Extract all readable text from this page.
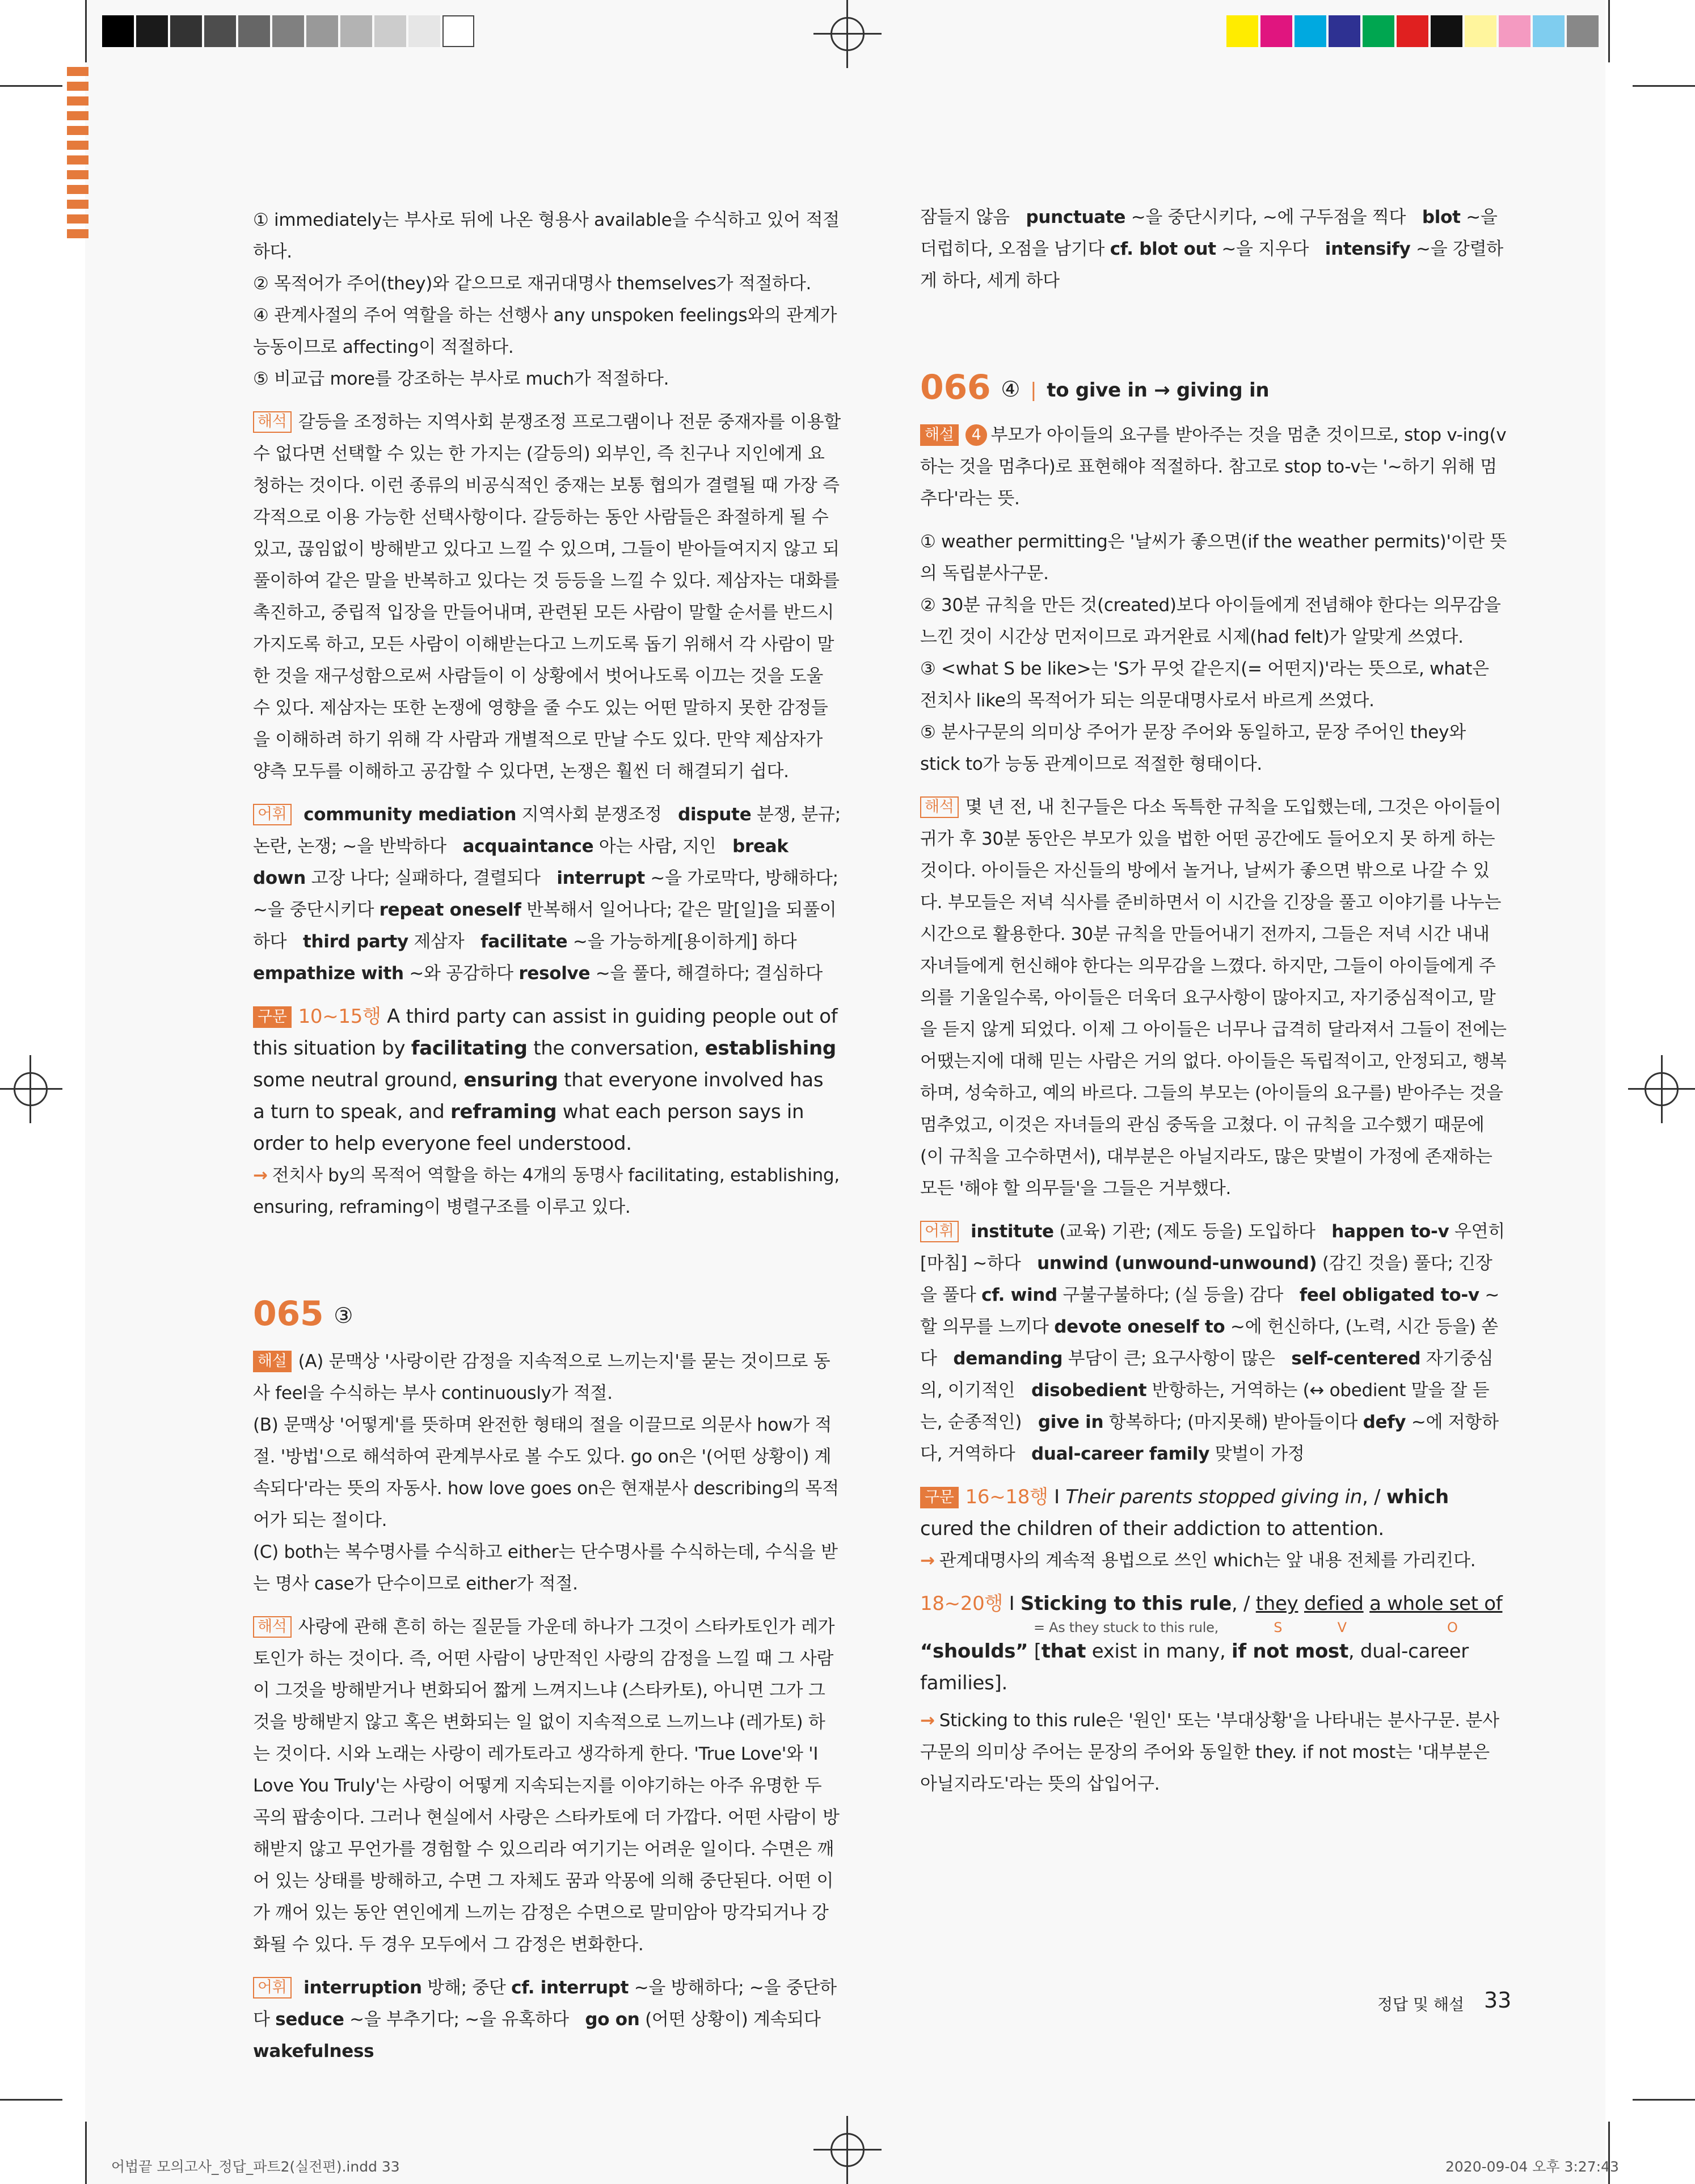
① immediately는 부사로 뒤에 나온 형용사 available을 수식하고 있어 적절하다.

② 목적어가 주어(they)와 같으므로 재귀대명사 themselves가 적절하다.

④ 관계사절의 주어 역할을 하는 선행사 any unspoken feelings와의 관계가 능동이므로 affecting이 적절하다.

⑤ 비교급 more를 강조하는 부사로 much가 적절하다.

해석 갈등을 조정하는 지역사회 분쟁조정 프로그램이나 전문 중재자를 이용할 수 없다면 선택할 수 있는 한 가지는 (갈등의) 외부인, 즉 친구나 지인에게 요청하는 것이다. 이런 종류의 비공식적인 중재는 보통 협의가 결렬될 때 가장 즉각적으로 이용 가능한 선택사항이다. 갈등하는 동안 사람들은 좌절하게 될 수 있고, 끊임없이 방해받고 있다고 느낄 수 있으며, 그들이 받아들여지지 않고 되풀이하여 같은 말을 반복하고 있다는 것 등등을 느낄 수 있다. 제삼자는 대화를 촉진하고, 중립적 입장을 만들어내며, 관련된 모든 사람이 말할 순서를 반드시 가지도록 하고, 모든 사람이 이해받는다고 느끼도록 돕기 위해서 각 사람이 말한 것을 재구성함으로써 사람들이 이 상황에서 벗어나도록 이끄는 것을 도울 수 있다. 제삼자는 또한 논쟁에 영향을 줄 수도 있는 어떤 말하지 못한 감정들을 이해하려 하기 위해 각 사람과 개별적으로 만날 수도 있다. 만약 제삼자가 양측 모두를 이해하고 공감할 수 있다면, 논쟁은 훨씬 더 해결되기 쉽다.

어휘 community mediation 지역사회 분쟁조정 dispute 분쟁, 분규; 논란, 논쟁; ~을 반박하다 acquaintance 아는 사람, 지인 break down 고장 나다; 실패하다, 결렬되다 interrupt ~을 가로막다, 방해하다; ~을 중단시키다 repeat oneself 반복해서 일어나다; 같은 말[일]을 되풀이하다 third party 제삼자 facilitate ~을 가능하게[용이하게] 하다   empathize with ~와 공감하다 resolve ~을 풀다, 해결하다; 결심하다

구문 10~15행 A third party can assist in guiding people out of this situation by facilitating the conversation, establishing some neutral ground, ensuring that everyone involved has a turn to speak, and reframing what each person says in order to help everyone feel understood.

→ 전치사 by의 목적어 역할을 하는 4개의 동명사 facilitating, establishing, ensuring, reframing이 병렬구조를 이루고 있다.

065 ③

해설 (A) 문맥상 '사랑이란 감정을 지속적으로 느끼는지'를 묻는 것이므로 동사 feel을 수식하는 부사 continuously가 적절.

(B) 문맥상 '어떻게'를 뜻하며 완전한 형태의 절을 이끌므로 의문사 how가 적절. '방법'으로 해석하여 관계부사로 볼 수도 있다. go on은 '(어떤 상황이) 계속되다'라는 뜻의 자동사. how love goes on은 현재분사 describing의 목적어가 되는 절이다.

(C) both는 복수명사를 수식하고 either는 단수명사를 수식하는데, 수식을 받는 명사 case가 단수이므로 either가 적절.

해석 사랑에 관해 흔히 하는 질문들 가운데 하나가 그것이 스타카토인가 레가토인가 하는 것이다. 즉, 어떤 사람이 낭만적인 사랑의 감정을 느낄 때 그 사람이 그것을 방해받거나 변화되어 짧게 느껴지느냐 (스타카토), 아니면 그가 그것을 방해받지 않고 혹은 변화되는 일 없이 지속적으로 느끼느냐 (레가토) 하는 것이다. 시와 노래는 사랑이 레가토라고 생각하게 한다. 'True Love'와 'I Love You Truly'는 사랑이 어떻게 지속되는지를 이야기하는 아주 유명한 두 곡의 팝송이다. 그러나 현실에서 사랑은 스타카토에 더 가깝다. 어떤 사람이 방해받지 않고 무언가를 경험할 수 있으리라 여기기는 어려운 일이다. 수면은 깨어 있는 상태를 방해하고, 수면 그 자체도 꿈과 악몽에 의해 중단된다. 어떤 이가 깨어 있는 동안 연인에게 느끼는 감정은 수면으로 말미암아 망각되거나 강화될 수 있다. 두 경우 모두에서 그 감정은 변화한다.

어휘 interruption 방해; 중단 cf. interrupt ~을 방해하다; ~을 중단하다 seduce ~을 부추기다; ~을 유혹하다 go on (어떤 상황이) 계속되다   wakefulness

잠들지 않음 punctuate ~을 중단시키다, ~에 구두점을 찍다 blot ~을 더럽히다, 오점을 남기다 cf. blot out ~을 지우다 intensify ~을 강렬하게 하다, 세게 하다

066 ④ | to give in → giving in

해설 4 부모가 아이들의 요구를 받아주는 것을 멈춘 것이므로, stop v-ing(v하는 것을 멈추다)로 표현해야 적절하다. 참고로 stop to-v는 '~하기 위해 멈추다'라는 뜻.

① weather permitting은 '날씨가 좋으면(if the weather permits)'이란 뜻의 독립분사구문.

② 30분 규칙을 만든 것(created)보다 아이들에게 전념해야 한다는 의무감을 느낀 것이 시간상 먼저이므로 과거완료 시제(had felt)가 알맞게 쓰였다.

③ <what S be like>는 'S가 무엇 같은지(= 어떤지)'라는 뜻으로, what은 전치사 like의 목적어가 되는 의문대명사로서 바르게 쓰였다.

⑤ 분사구문의 의미상 주어가 문장 주어와 동일하고, 문장 주어인 they와 stick to가 능동 관계이므로 적절한 형태이다.

해석 몇 년 전, 내 친구들은 다소 독특한 규칙을 도입했는데, 그것은 아이들이 귀가 후 30분 동안은 부모가 있을 법한 어떤 공간에도 들어오지 못 하게 하는 것이다. 아이들은 자신들의 방에서 놀거나, 날씨가 좋으면 밖으로 나갈 수 있다. 부모들은 저녁 식사를 준비하면서 이 시간을 긴장을 풀고 이야기를 나누는 시간으로 활용한다. 30분 규칙을 만들어내기 전까지, 그들은 저녁 시간 내내 자녀들에게 헌신해야 한다는 의무감을 느꼈다. 하지만, 그들이 아이들에게 주의를 기울일수록, 아이들은 더욱더 요구사항이 많아지고, 자기중심적이고, 말을 듣지 않게 되었다. 이제 그 아이들은 너무나 급격히 달라져서 그들이 전에는 어땠는지에 대해 믿는 사람은 거의 없다. 아이들은 독립적이고, 안정되고, 행복하며, 성숙하고, 예의 바르다. 그들의 부모는 (아이들의 요구를) 받아주는 것을 멈추었고, 이것은 자녀들의 관심 중독을 고쳤다. 이 규칙을 고수했기 때문에 (이 규칙을 고수하면서), 대부분은 아닐지라도, 많은 맞벌이 가정에 존재하는 모든 '해야 할 의무들'을 그들은 거부했다.

어휘 institute (교육) 기관; (제도 등을) 도입하다 happen to-v 우연히[마침] ~하다 unwind (unwound-unwound) (감긴 것을) 풀다; 긴장을 풀다 cf. wind 구불구불하다; (실 등을) 감다 feel obligated to-v ~할 의무를 느끼다 devote oneself to ~에 헌신하다, (노력, 시간 등을) 쏟다 demanding 부담이 큰; 요구사항이 많은 self-centered 자기중심의, 이기적인 disobedient 반항하는, 거역하는 (↔ obedient 말을 잘 듣는, 순종적인) give in 항복하다; (마지못해) 받아들이다 defy ~에 저항하다, 거역하다 dual-career family 맞벌이 가정

구문 16~18행 I Their parents stopped giving in, / which cured the children of their addiction to attention.

→ 관계대명사의 계속적 용법으로 쓰인 which는 앞 내용 전체를 가리킨다.

18~20행 I Sticking to this rule, / they defied a whole set of

= As they stuck to this rule,	S	V	O

“shoulds” [that exist in many, if not most, dual-career families].

→ Sticking to this rule은 '원인' 또는 '부대상황'을 나타내는 분사구문. 분사구문의 의미상 주어는 문장의 주어와 동일한 they. if not most는 '대부분은 아닐지라도'라는 뜻의 삽입어구.

정답 및 해설 33
어법끝 모의고사_정답_파트2(실전편).indd 33	2020-09-04 오후 3:27:43
